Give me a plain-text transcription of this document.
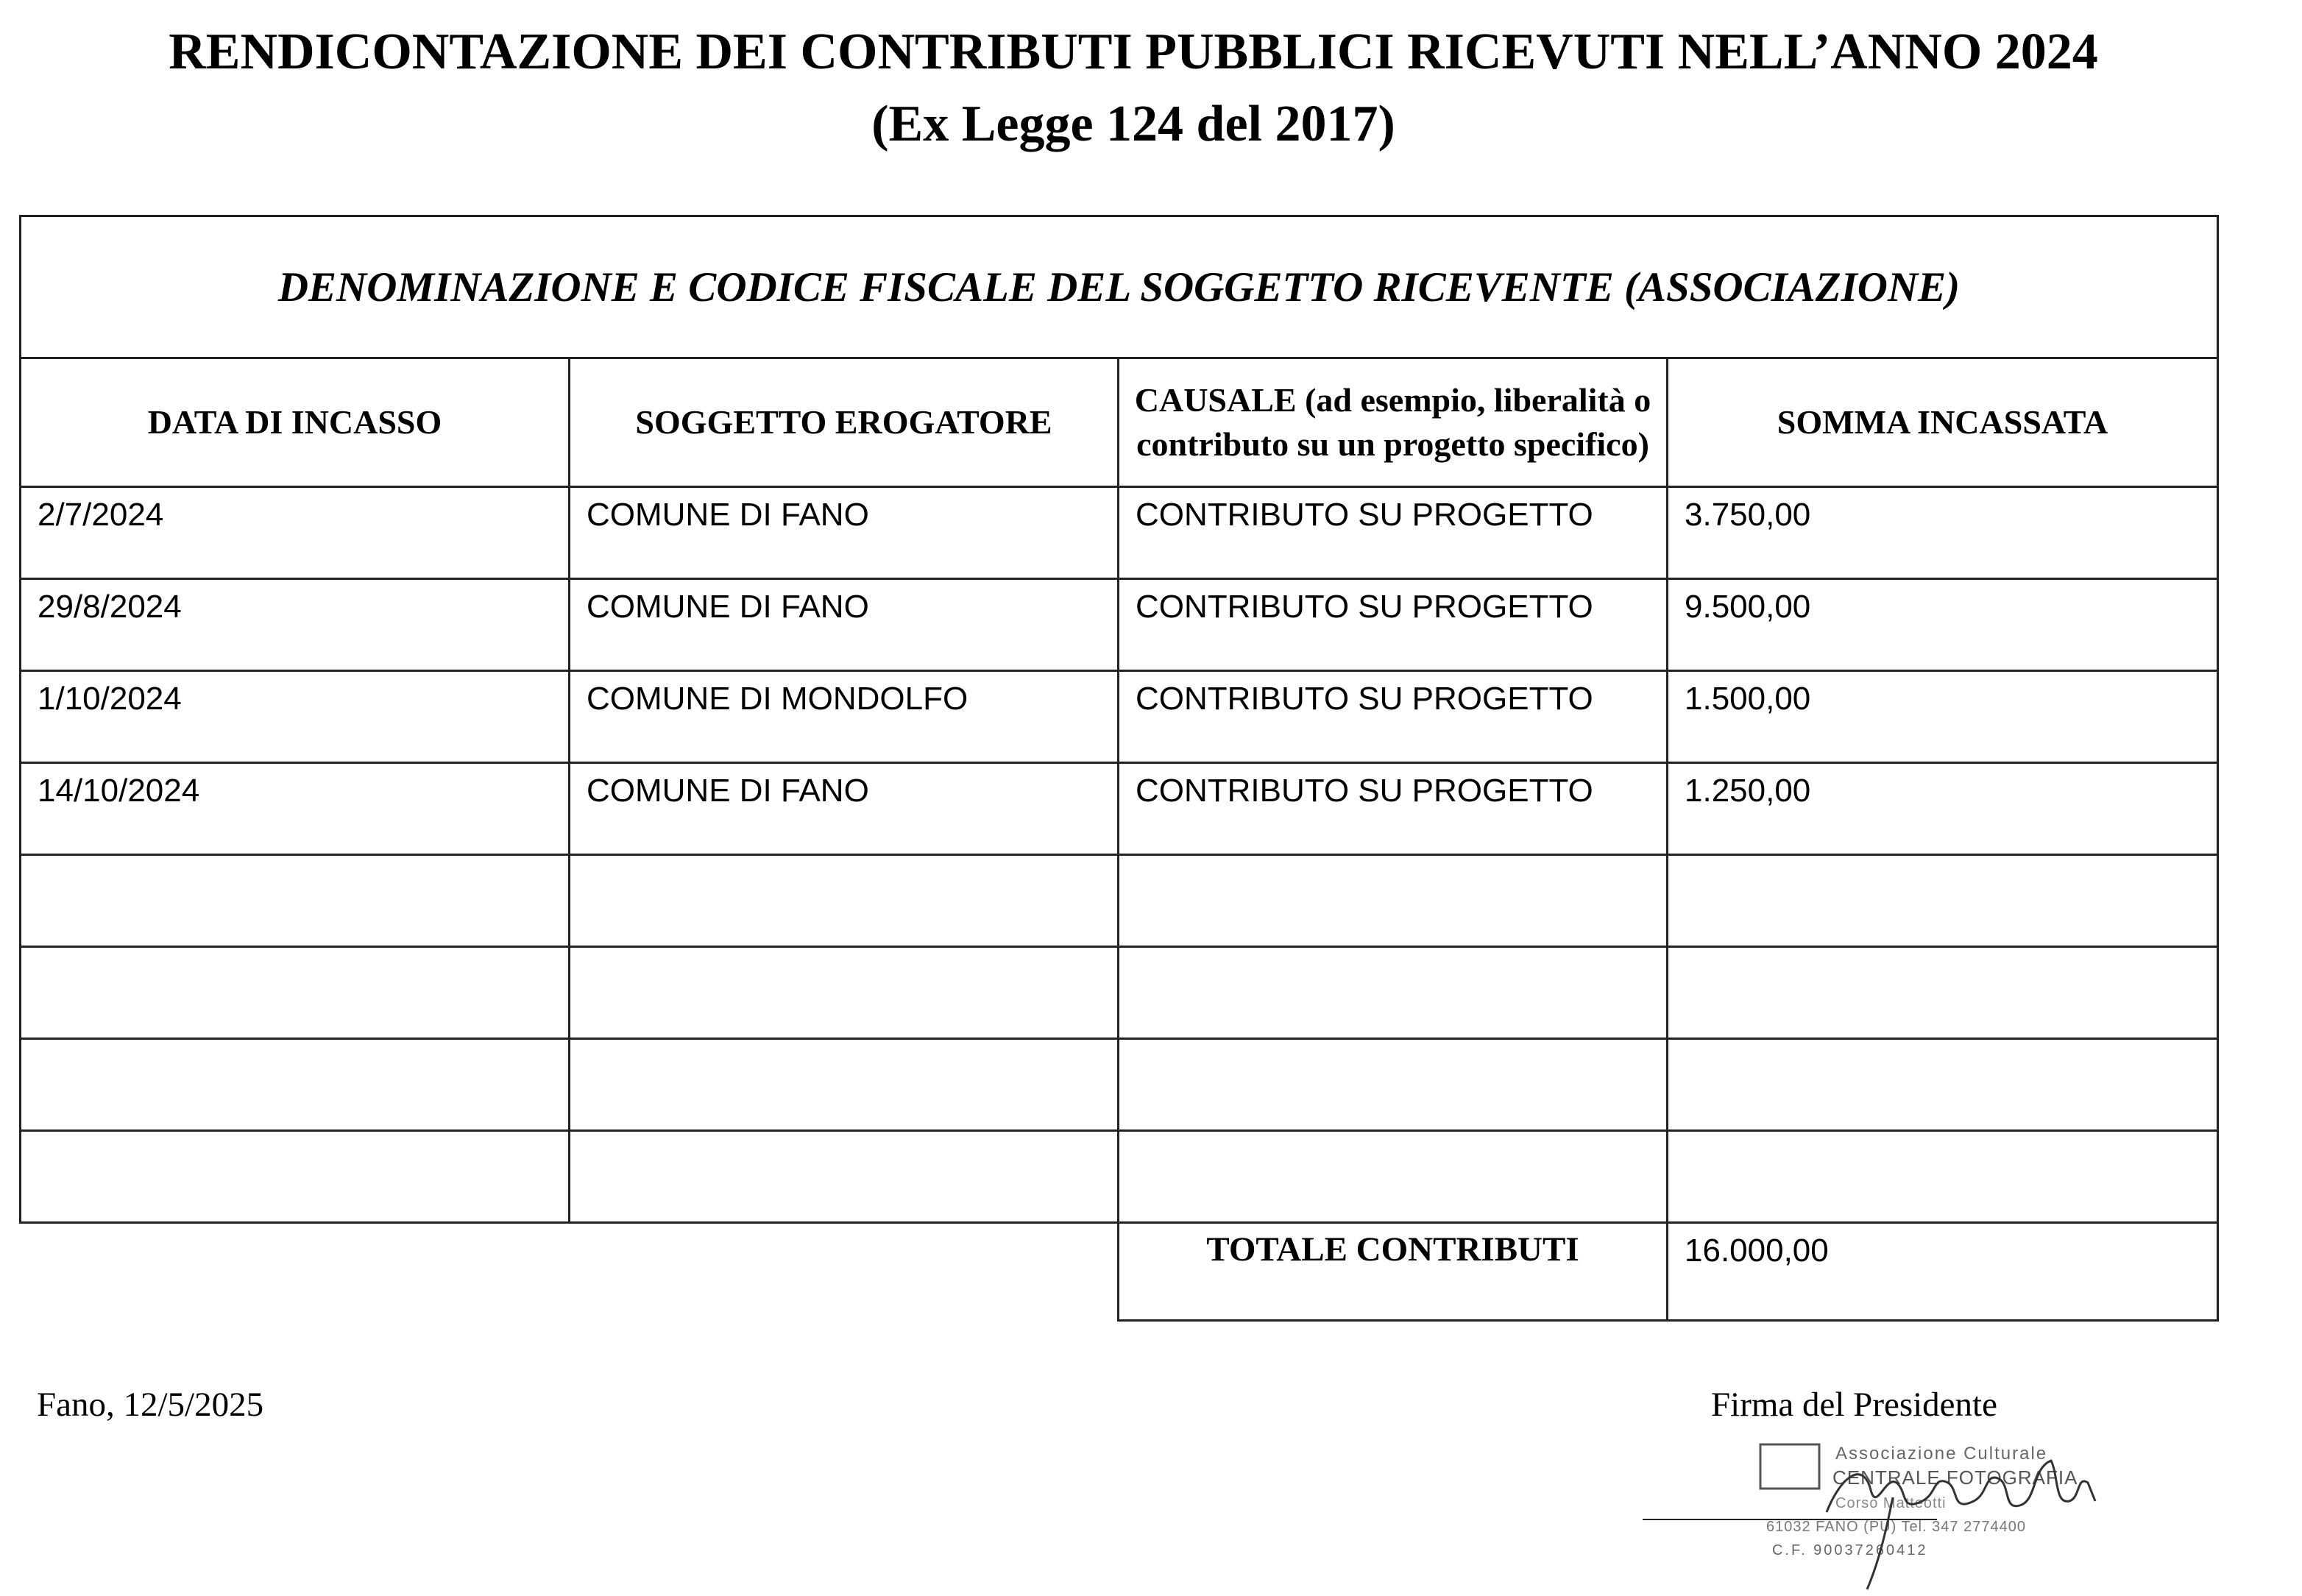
RENDICONTAZIONE DEI CONTRIBUTI PUBBLICI RICEVUTI NELL’ANNO 2024
(Ex Legge 124 del 2017)
DENOMINAZIONE E CODICE FISCALE DEL SOGGETTO RICEVENTE (ASSOCIAZIONE)			
DATA DI INCASSO	SOGGETTO EROGATORE	CAUSALE (ad esempio, liberalità o contributo su un progetto specifico)	SOMMA INCASSATA

2/7/2024	COMUNE DI FANO	CONTRIBUTO SU PROGETTO	3.750,00

29/8/2024	COMUNE DI FANO	CONTRIBUTO SU PROGETTO	9.500,00

1/10/2024	COMUNE DI MONDOLFO	CONTRIBUTO SU PROGETTO	1.500,00

14/10/2024	COMUNE DI FANO	CONTRIBUTO SU PROGETTO	1.250,00

		TOTALE CONTRIBUTI	16.000,00
Fano, 12/5/2025	Firma del Presidente
Associazione Culturale
CENTRALE FOTOGRAFIA
Corso Matteotti
61032 FANO (PU) Tel. 347 2774400
C.F. 90037260412
